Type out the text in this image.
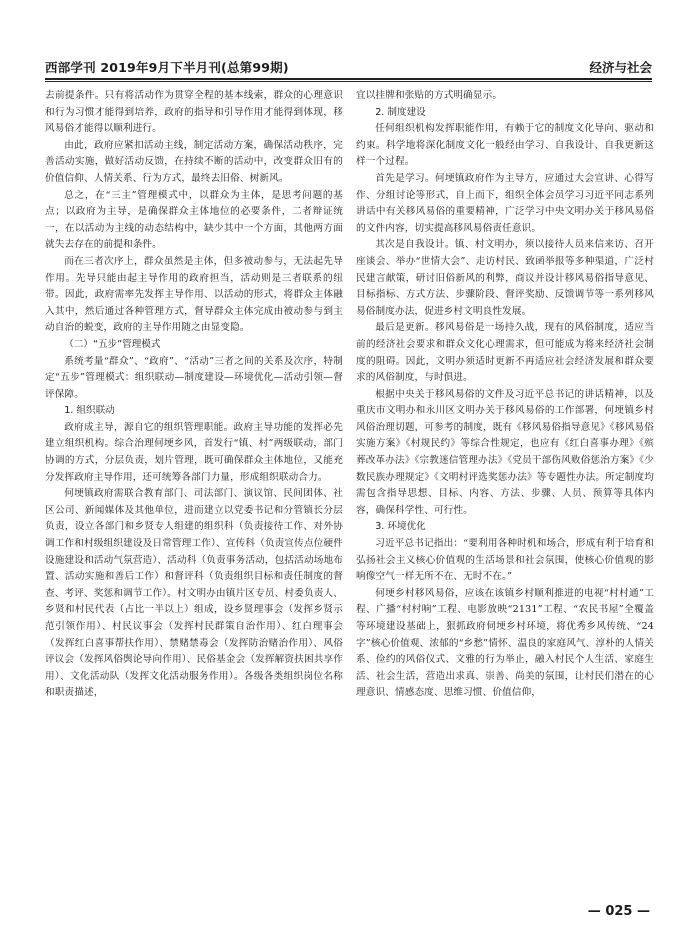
西部学刊 2019年9月下半月刊(总第99期)	经济与社会

去前提条件。只有将活动作为贯穿全程的基本线索，群众的心理意识和行为习惯才能得到培养，政府的指导和引导作用才能得到体现，移风易俗才能得以顺利进行。

由此，政府应紧扣活动主线，制定活动方案，确保活动秩序，完善活动实施，做好活动反馈，在持续不断的活动中，改变群众旧有的价值信仰、人情关系、行为方式，最终去旧俗、树新风。

总之，在“三主”管理模式中，以群众为主体，是思考问题的基点；以政府为主导，是确保群众主体地位的必要条件，二者辩证统一，在以活动为主线的动态结构中，缺少其中一个方面，其他两方面就失去存在的前提和条件。

而在三者次序上，群众虽然是主体，但多被动参与，无法起先导作用。先导只能由起主导作用的政府担当，活动则是三者联系的纽带。因此，政府需率先发挥主导作用、以活动的形式，将群众主体融入其中，然后通过各种管理方式，督导群众主体完成由被动参与到主动自治的蜕变，政府的主导作用随之由显变隐。

（二）“五步”管理模式

系统考量“群众”、“政府”、“活动”三者之间的关系及次序，特制定“五步”管理模式：组织联动—制度建设—环境优化—活动引领—督评保障。

1. 组织联动

政府成主导，源自它的组织管理职能。政府主导功能的发挥必先建立组织机构。综合治理何埂乡风，首发行“镇、村”两级联动，部门协调的方式，分层负责，划片管理，既可确保群众主体地位，又能充分发挥政府主导作用，还可统筹各部门力量，形成组织联动合力。

何埂镇政府需联合教育部门、司法部门、演议馆、民间团体、社区公司、新闻媒体及其他单位，进而建立以党委书记和分管镇长分层负责，设立各部门和乡贤专人组建的组织科（负责接待工作、对外协调工作和村级组织建设及日常管理工作）、宣传科（负责宣传点位硬件设施建设和活动气氛营造）、活动科（负责事务活动，包括活动场地布置、活动实施和善后工作）和督评科（负责组织目标和责任制度的督查、考评、奖惩和调节工作）。村文明办由镇片区专员、村委负责人、乡贤和村民代表（占比一半以上）组成，设乡贤理事会（发挥乡贤示范引领作用）、村民议事会（发挥村民群策自治作用）、红白理事会（发挥红白喜事帮扶作用）、禁赌禁毒会（发挥防治赌治作用）、风俗评议会（发挥风俗舆论导向作用）、民俗基金会（发挥解资扶困共享作用）、文化活动队（发挥文化活动服务作用）。各级各类组织岗位名称和职责描述，

宜以挂牌和张贴的方式明确显示。

2. 制度建设

任何组织机构发挥职能作用，有赖于它的制度文化导向、驱动和约束。科学地将深化制度文化一般经由学习、自我设计、自我更新这样一个过程。

首先是学习。何埂镇政府作为主导方，应通过大会宣讲、心得写作、分组讨论等形式，自上而下，组织全体会员学习习近平同志系列讲话中有关移风易俗的重要精神，广泛学习中央文明办关于移风易俗的文件内容，切实提高移风易俗责任意识。

其次是自我设计。镇、村文明办，须以接待人员来信来访、召开座谈会、举办“世情大会”、走访村民、致函举报等多种渠道，广泛村民建言献策，研讨旧俗新风的利弊，商议并设计移风易俗指导意见、目标指标、方式方法、步骤阶段、督评奖励、反馈调节等一系列移风易俗制度办法，促进乡村文明良性发展。

最后是更新。移风易俗是一场持久战，现有的风俗制度，适应当前的经济社会要求和群众文化心理需求，但可能成为将来经济社会制度的阻碍。因此，文明办须适时更新不再适应社会经济发展和群众要求的风俗制度，与时俱进。

根据中央关于移风易俗的文件及习近平总书记的讲话精神，以及重庆市文明办和永川区文明办关于移风易俗的工作部署，何埂镇乡村风俗治理切题，可参考的制度，既有《移风易俗指导意见》《移风易俗实施方案》《村规民约》等综合性规定，也应有《红白喜事办理》《殡葬改革办法》《宗教迷信管理办法》《党员干部伤风败俗惩治方案》《少数民族办理规定》《文明村评选奖惩办法》等专题性办法。所定制度均需包含指导思想、目标、内容、方法、步骤、人员、预算等具体内容，确保科学性、可行性。

3. 环境优化

习近平总书记指出：“要利用各种时机和场合，形成有利于培育和弘扬社会主义核心价值观的生活场景和社会氛围，使核心价值观的影响像空气一样无所不在、无时不在。”

何埂乡村移风易俗，应该在该镇乡村顺利推进的电视“村村通”工程、广播“村村响”工程、电影放映“2131”工程、“农民书屋”全覆盖等环境建设基础上，狠抓政府伺埂乡村环境，将优秀乡风传统、“24字”核心价值观、浓郁的“乡愁”情怀、温良的家庭风气、淳朴的人情关系、俭约的风俗仪式、文雅的行为举止，融入村民个人生活、家庭生活、社会生活，营造出求真、崇善、尚美的氛围，让村民们潜在的心理意识、情感态度、思维习惯、价值信仰，

— 025 —
